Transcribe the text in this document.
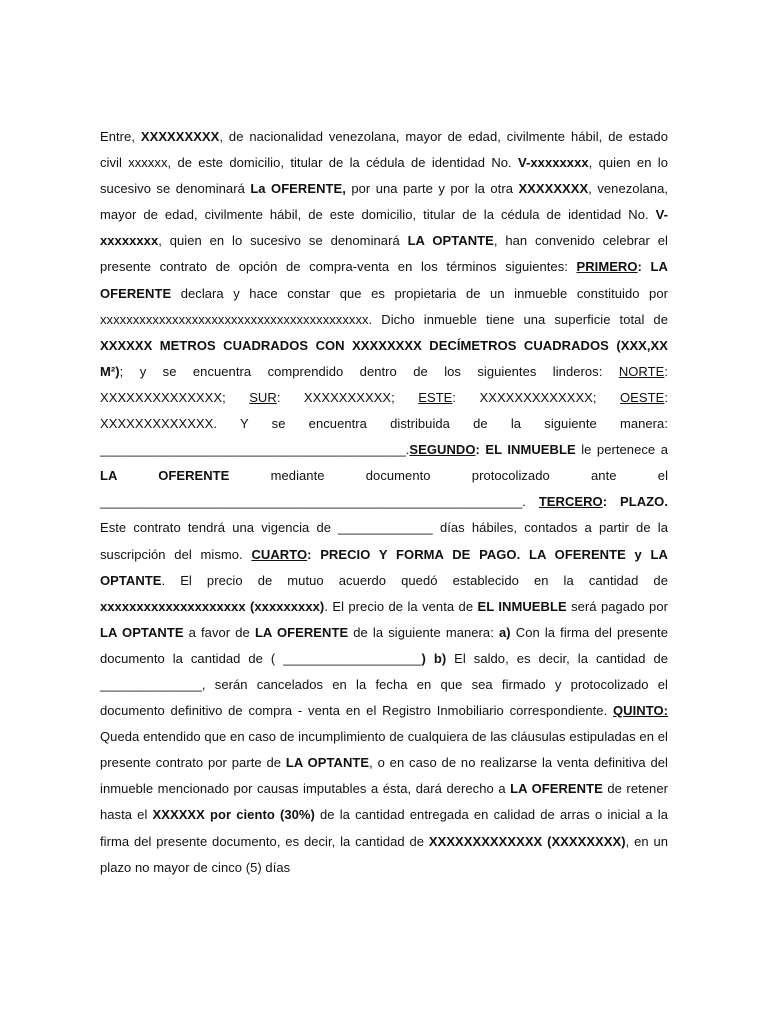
Entre, XXXXXXXXX, de nacionalidad venezolana, mayor de edad, civilmente hábil, de estado civil xxxxxx, de este domicilio, titular de la cédula de identidad No. V-xxxxxxxx, quien en lo sucesivo se denominará La OFERENTE, por una parte y por la otra XXXXXXXX, venezolana, mayor de edad, civilmente hábil, de este domicilio, titular de la cédula de identidad No. V-xxxxxxxx, quien en lo sucesivo se denominará LA OPTANTE, han convenido celebrar el presente contrato de opción de compra-venta en los términos siguientes: PRIMERO: LA OFERENTE declara y hace constar que es propietaria de un inmueble constituido por xxxxxxxxxxxxxxxxxxxxxxxxxxxxxxxxxxxxxxxxx. Dicho inmueble tiene una superficie total de XXXXXX METROS CUADRADOS CON XXXXXXXX DECÍMETROS CUADRADOS (XXX,XX M²); y se encuentra comprendido dentro de los siguientes linderos: NORTE: XXXXXXXXXXXXXX; SUR: XXXXXXXXXX; ESTE: XXXXXXXXXXXXX; OESTE: XXXXXXXXXXXXX. Y se encuentra distribuida de la siguiente manera: __________________________________________.SEGUNDO: EL INMUEBLE le pertenece a LA OFERENTE mediante documento protocolizado ante el __________________________________________________________. TERCERO: PLAZO. Este contrato tendrá una vigencia de _____________ días hábiles, contados a partir de la suscripción del mismo. CUARTO: PRECIO Y FORMA DE PAGO. LA OFERENTE y LA OPTANTE. El precio de mutuo acuerdo quedó establecido en la cantidad de xxxxxxxxxxxxxxxxxxxx (xxxxxxxxx). El precio de la venta de EL INMUEBLE será pagado por LA OPTANTE a favor de LA OFERENTE de la siguiente manera: a) Con la firma del presente documento la cantidad de ( ___________________) b) El saldo, es decir, la cantidad de ______________, serán cancelados en la fecha en que sea firmado y protocolizado el documento definitivo de compra - venta en el Registro Inmobiliario correspondiente. QUINTO: Queda entendido que en caso de incumplimiento de cualquiera de las cláusulas estipuladas en el presente contrato por parte de LA OPTANTE, o en caso de no realizarse la venta definitiva del inmueble mencionado por causas imputables a ésta, dará derecho a LA OFERENTE de retener hasta el XXXXXX por ciento (30%) de la cantidad entregada en calidad de arras o inicial a la firma del presente documento, es decir, la cantidad de XXXXXXXXXXXXX (XXXXXXXX), en un plazo no mayor de cinco (5) días
